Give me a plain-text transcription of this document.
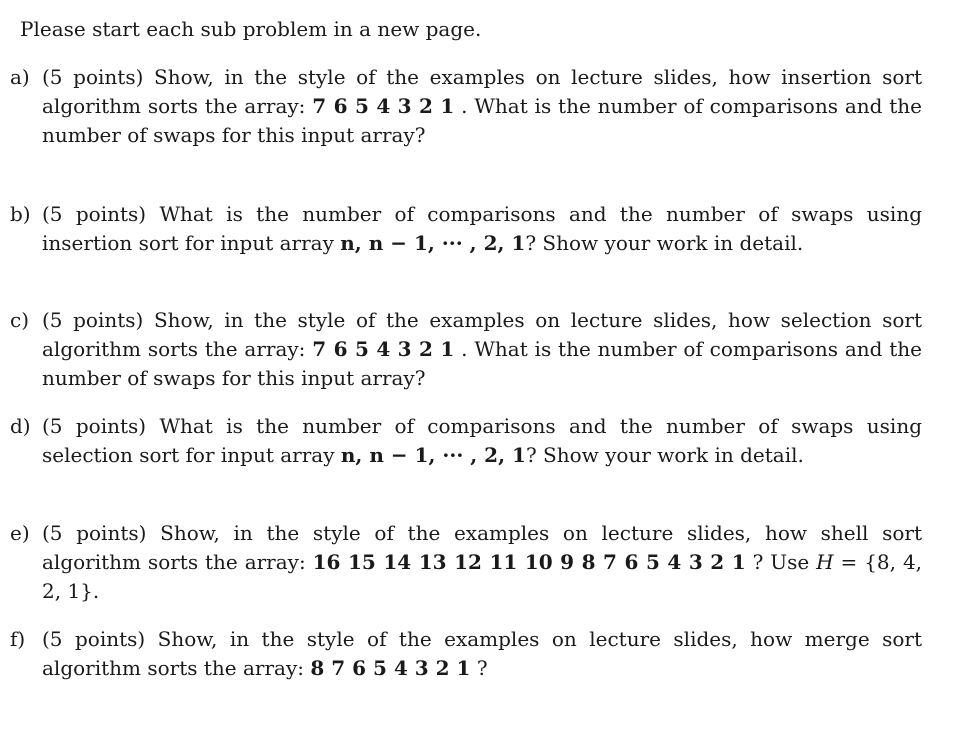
Please start each sub problem in a new page.
a) (5 points) Show, in the style of the examples on lecture slides, how insertion sort algorithm sorts the array: 7 6 5 4 3 2 1 . What is the number of comparisons and the number of swaps for this input array?
b) (5 points) What is the number of comparisons and the number of swaps using insertion sort for input array n, n − 1, ··· , 2, 1? Show your work in detail.
c) (5 points) Show, in the style of the examples on lecture slides, how selection sort algorithm sorts the array: 7 6 5 4 3 2 1 . What is the number of comparisons and the number of swaps for this input array?
d) (5 points) What is the number of comparisons and the number of swaps using selection sort for input array n, n − 1, ··· , 2, 1? Show your work in detail.
e) (5 points) Show, in the style of the examples on lecture slides, how shell sort algorithm sorts the array: 16 15 14 13 12 11 10 9 8 7 6 5 4 3 2 1 ? Use H = {8, 4, 2, 1}.
f) (5 points) Show, in the style of the examples on lecture slides, how merge sort algorithm sorts the array: 8 7 6 5 4 3 2 1 ?
